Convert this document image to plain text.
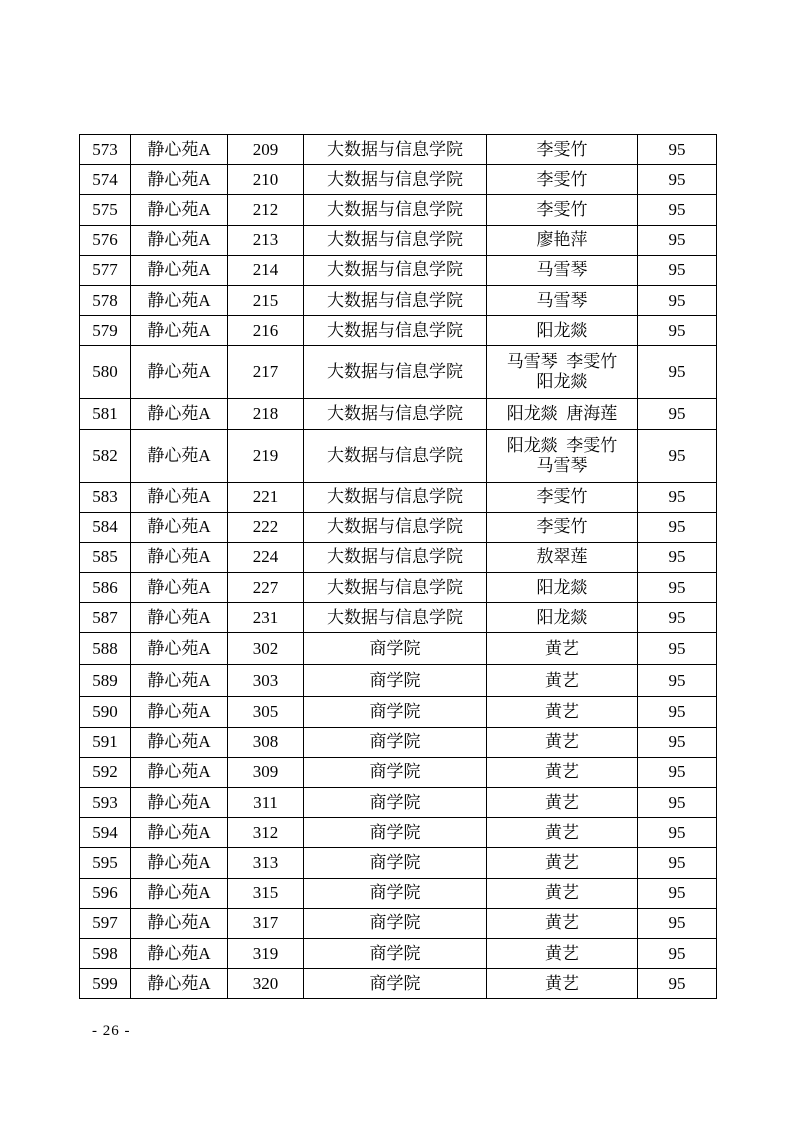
573	静心苑A	209	大数据与信息学院	李雯竹	95
574	静心苑A	210	大数据与信息学院	李雯竹	95
575	静心苑A	212	大数据与信息学院	李雯竹	95
576	静心苑A	213	大数据与信息学院	廖艳萍	95
577	静心苑A	214	大数据与信息学院	马雪琴	95
578	静心苑A	215	大数据与信息学院	马雪琴	95
579	静心苑A	216	大数据与信息学院	阳龙燚	95
580	静心苑A	217	大数据与信息学院	马雪琴  李雯竹
阳龙燚	95
581	静心苑A	218	大数据与信息学院	阳龙燚  唐海莲	95
582	静心苑A	219	大数据与信息学院	阳龙燚  李雯竹
马雪琴	95
583	静心苑A	221	大数据与信息学院	李雯竹	95
584	静心苑A	222	大数据与信息学院	李雯竹	95
585	静心苑A	224	大数据与信息学院	敖翠莲	95
586	静心苑A	227	大数据与信息学院	阳龙燚	95
587	静心苑A	231	大数据与信息学院	阳龙燚	95
588	静心苑A	302	商学院	黄艺	95
589	静心苑A	303	商学院	黄艺	95
590	静心苑A	305	商学院	黄艺	95
591	静心苑A	308	商学院	黄艺	95
592	静心苑A	309	商学院	黄艺	95
593	静心苑A	311	商学院	黄艺	95
594	静心苑A	312	商学院	黄艺	95
595	静心苑A	313	商学院	黄艺	95
596	静心苑A	315	商学院	黄艺	95
597	静心苑A	317	商学院	黄艺	95
598	静心苑A	319	商学院	黄艺	95
599	静心苑A	320	商学院	黄艺	95
- 26 -
